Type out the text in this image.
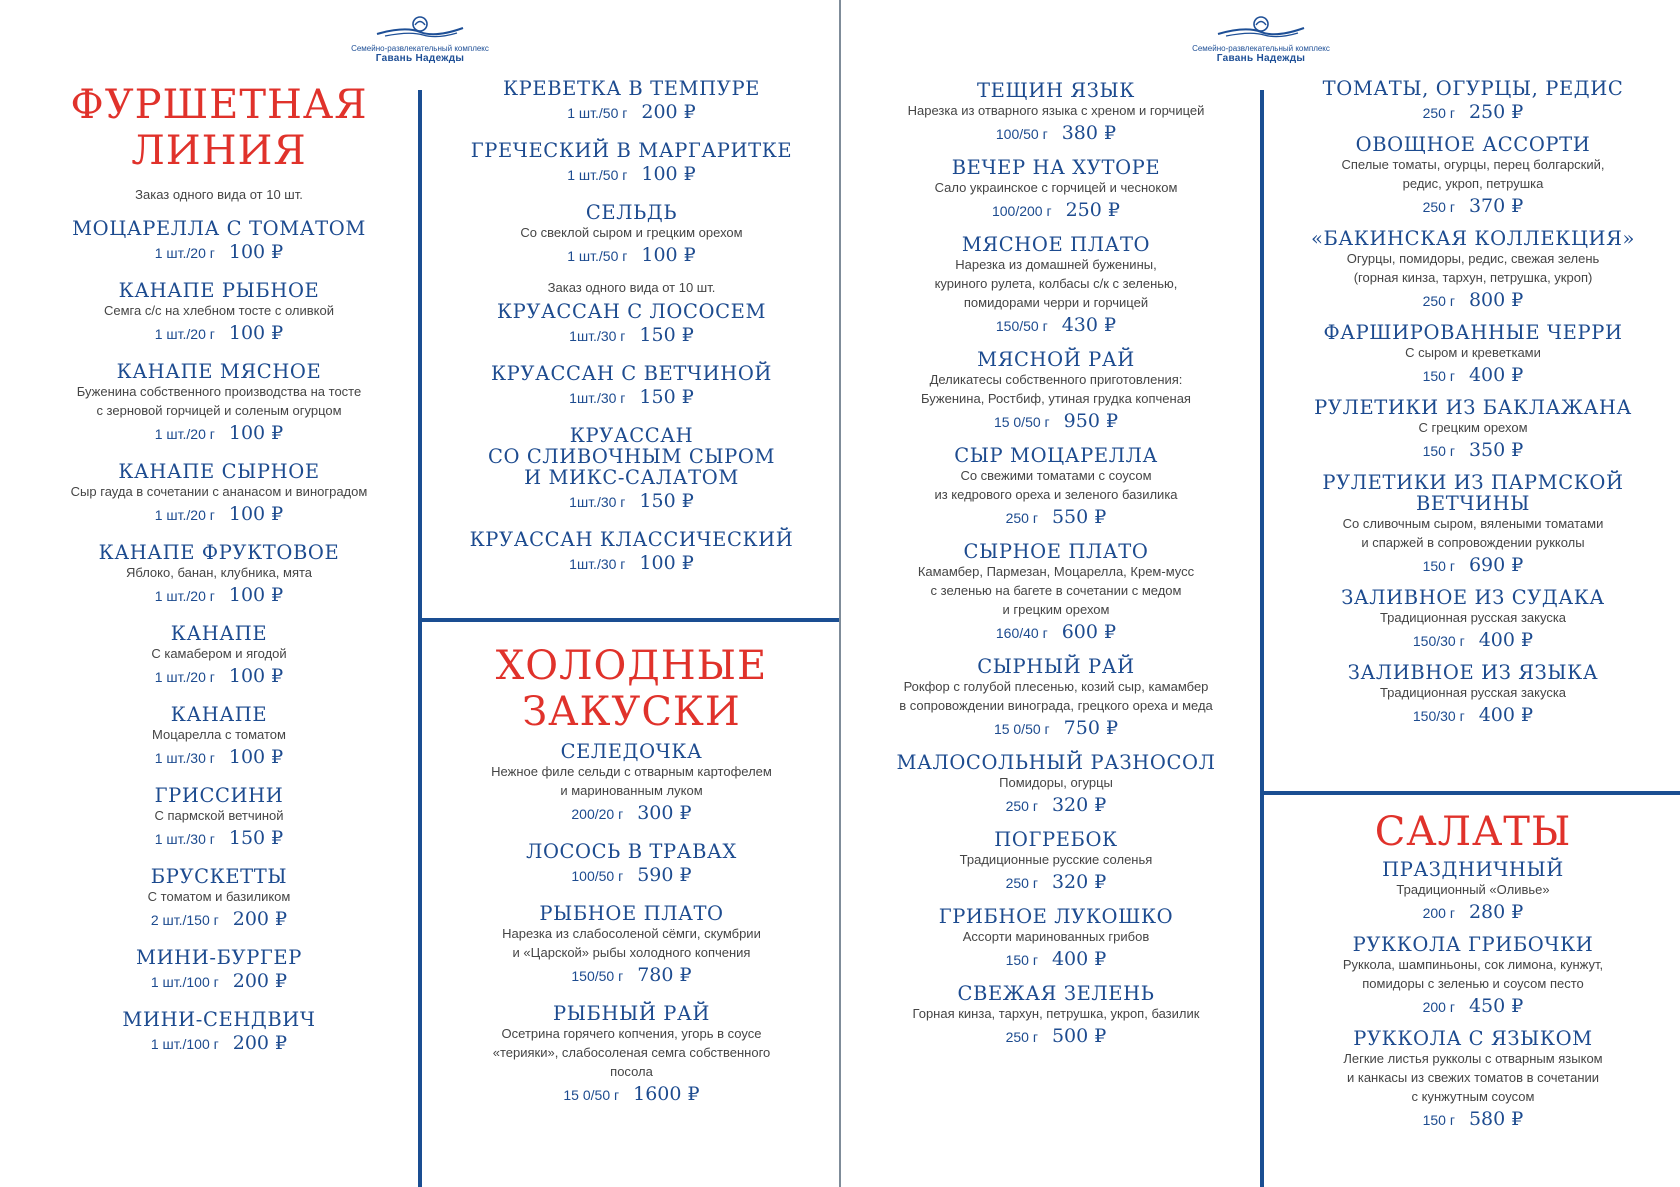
Семейно-развлекательный комплекс
Гавань Надежды
ФУРШЕТНАЯ
ЛИНИЯ
Заказ одного вида от 10 шт.
МОЦАРЕЛЛА С ТОМАТОМ
1 шт./20 г 100 ₽
КАНАПЕ РЫБНОЕ
Семга с/с на хлебном тосте с оливкой
1 шт./20 г 100 ₽
КАНАПЕ МЯСНОЕ
Буженина собственного производства на тосте
с зерновой горчицей и соленым огурцом
1 шт./20 г 100 ₽
КАНАПЕ СЫРНОЕ
Сыр гауда в сочетании с ананасом и виноградом
1 шт./20 г 100 ₽
КАНАПЕ ФРУКТОВОЕ
Яблоко, банан, клубника, мята
1 шт./20 г 100 ₽
КАНАПЕ
С камабером и ягодой
1 шт./20 г 100 ₽
КАНАПЕ
Моцарелла с томатом
1 шт./30 г 100 ₽
ГРИССИНИ
С пармской ветчиной
1 шт./30 г 150 ₽
БРУСКЕТТЫ
С томатом и базиликом
2 шт./150 г 200 ₽
МИНИ-БУРГЕР
1 шт./100 г 200 ₽
МИНИ-СЕНДВИЧ
1 шт./100 г 200 ₽
КРЕВЕТКА В ТЕМПУРЕ
1 шт./50 г 200 ₽
ГРЕЧЕСКИЙ В МАРГАРИТКЕ
1 шт./50 г 100 ₽
СЕЛЬДЬ
Со свеклой сыром и грецким орехом
1 шт./50 г 100 ₽
Заказ одного вида от 10 шт.
КРУАССАН С ЛОСОСЕМ
1шт./30 г 150 ₽
КРУАССАН С ВЕТЧИНОЙ
1шт./30 г 150 ₽
КРУАССАН
СО СЛИВОЧНЫМ СЫРОМ
И МИКС-САЛАТОМ
1шт./30 г 150 ₽
КРУАССАН КЛАССИЧЕСКИЙ
1шт./30 г 100 ₽
ХОЛОДНЫЕ
ЗАКУСКИ
СЕЛЕДОЧКА
Нежное филе сельди с отварным картофелем
и маринованным луком
200/20 г 300 ₽
ЛОСОСЬ В ТРАВАХ
100/50 г 590 ₽
РЫБНОЕ ПЛАТО
Нарезка из слабосоленой сёмги, скумбрии
и «Царской» рыбы холодного копчения
150/50 г 780 ₽
РЫБНЫЙ РАЙ
Осетрина горячего копчения, угорь в соусе
«терияки», слабосоленая семга собственного
посола
15 0/50 г 1600 ₽
Семейно-развлекательный комплекс
Гавань Надежды
ТЕЩИН ЯЗЫК
Нарезка из отварного языка с хреном и горчицей
100/50 г 380 ₽
ВЕЧЕР НА ХУТОРЕ
Сало украинское с горчицей и чесноком
100/200 г 250 ₽
МЯСНОЕ ПЛАТО
Нарезка из домашней буженины,
куриного рулета, колбасы с/к с зеленью,
помидорами черри и горчицей
150/50 г 430 ₽
МЯСНОЙ РАЙ
Деликатесы собственного приготовления:
Буженина, Ростбиф, утиная грудка копченая
15 0/50 г 950 ₽
СЫР МОЦАРЕЛЛА
Со свежими томатами с соусом
из кедрового ореха и зеленого базилика
250 г 550 ₽
СЫРНОЕ ПЛАТО
Камамбер, Пармезан, Моцарелла, Крем-мусс
с зеленью на багете в сочетании с медом
и грецким орехом
160/40 г 600 ₽
СЫРНЫЙ РАЙ
Рокфор с голубой плесенью, козий сыр, камамбер
в сопровождении винограда, грецкого ореха и меда
15 0/50 г 750 ₽
МАЛОСОЛЬНЫЙ РАЗНОСОЛ
Помидоры, огурцы
250 г 320 ₽
ПОГРЕБОК
Традиционные русские соленья
250 г 320 ₽
ГРИБНОЕ ЛУКОШКО
Ассорти маринованных грибов
150 г 400 ₽
СВЕЖАЯ ЗЕЛЕНЬ
Горная кинза, тархун, петрушка, укроп, базилик
250 г 500 ₽
ТОМАТЫ, ОГУРЦЫ, РЕДИС
250 г 250 ₽
ОВОЩНОЕ АССОРТИ
Спелые томаты, огурцы, перец болгарский,
редис, укроп, петрушка
250 г 370 ₽
«БАКИНСКАЯ КОЛЛЕКЦИЯ»
Огурцы, помидоры, редис, свежая зелень
(горная кинза, тархун, петрушка, укроп)
250 г 800 ₽
ФАРШИРОВАННЫЕ ЧЕРРИ
С сыром и креветками
150 г 400 ₽
РУЛЕТИКИ ИЗ БАКЛАЖАНА
С грецким орехом
150 г 350 ₽
РУЛЕТИКИ ИЗ ПАРМСКОЙ
ВЕТЧИНЫ
Со сливочным сыром, вялеными томатами
и спаржей в сопровождении рукколы
150 г 690 ₽
ЗАЛИВНОЕ ИЗ СУДАКА
Традиционная русская закуска
150/30 г 400 ₽
ЗАЛИВНОЕ ИЗ ЯЗЫКА
Традиционная русская закуска
150/30 г 400 ₽
САЛАТЫ
ПРАЗДНИЧНЫЙ
Традиционный «Оливье»
200 г 280 ₽
РУККОЛА ГРИБОЧКИ
Руккола, шампиньоны, сок лимона, кунжут,
помидоры с зеленью и соусом песто
200 г 450 ₽
РУККОЛА С ЯЗЫКОМ
Легкие листья рукколы с отварным языком
и канкасы из свежих томатов в сочетании
с кунжутным соусом
150 г 580 ₽
